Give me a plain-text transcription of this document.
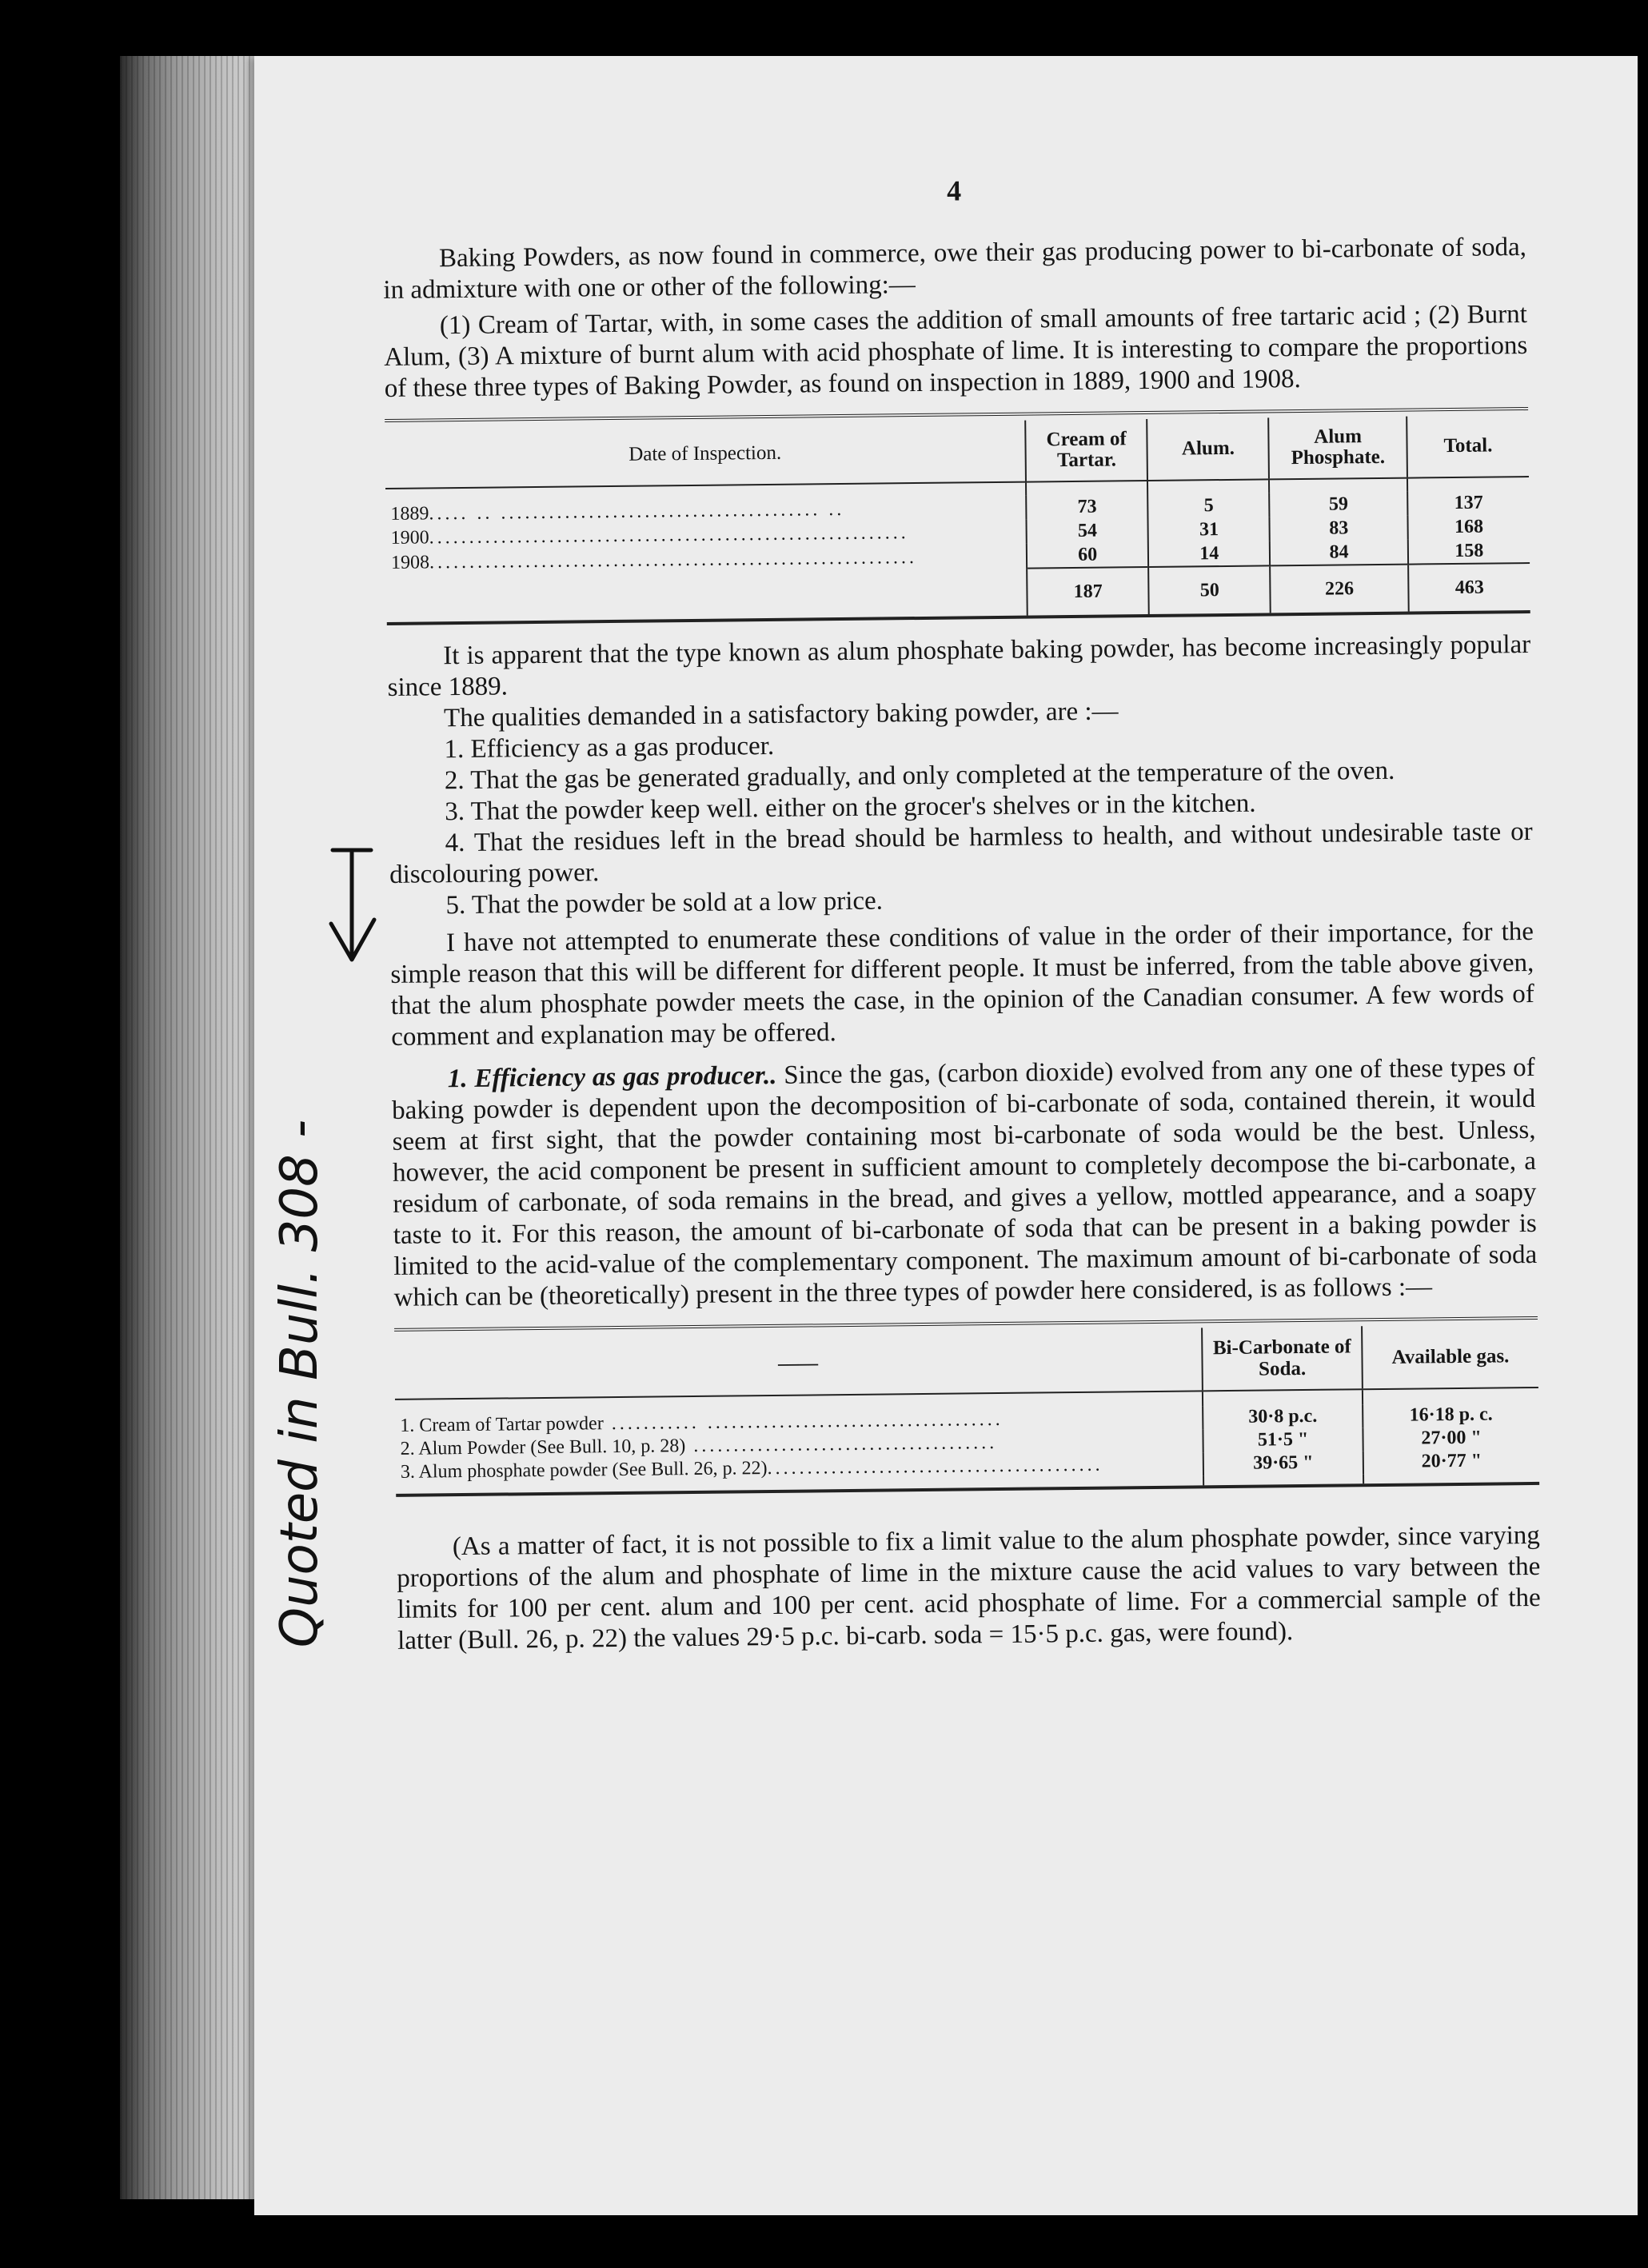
Quoted in Bull. 308 -
4

Baking Powders, as now found in commerce, owe their gas producing power to bi-carbonate of soda, in admixture with one or other of the following:—

(1) Cream of Tartar, with, in some cases the addition of small amounts of free tartaric acid ; (2) Burnt Alum, (3) A mixture of burnt alum with acid phosphate of lime. It is interesting to compare the proportions of these three types of Baking Powder, as found on inspection in 1889, 1900 and 1908.

Date of Inspection.	Cream of Tartar.	Alum.	Alum Phosphate.	Total.

1889..... .. ........................................ ..	73	5	59	137
1900............................................................	54	31	83	168
1908.............................................................	60	14	84	158
	187	50	226	463

It is apparent that the type known as alum phosphate baking powder, has become increasingly popular since 1889.

The qualities demanded in a satisfactory baking powder, are :—

1. Efficiency as a gas producer.
2. That the gas be generated gradually, and only completed at the temperature of the oven.
3. That the powder keep well. either on the grocer's shelves or in the kitchen.
4. That the residues left in the bread should be harmless to health, and without undesirable taste or discolouring power.
5. That the powder be sold at a low price.

I have not attempted to enumerate these conditions of value in the order of their importance, for the simple reason that this will be different for different people. It must be inferred, from the table above given, that the alum phosphate powder meets the case, in the opinion of the Canadian consumer. A few words of comment and explanation may be offered.

1. Efficiency as gas producer.. Since the gas, (carbon dioxide) evolved from any one of these types of baking powder is dependent upon the decomposition of bi-carbonate of soda, contained therein, it would seem at first sight, that the powder containing most bi-carbonate of soda would be the best. Unless, however, the acid component be present in sufficient amount to completely decompose the bi-carbonate, a residum of carbonate, of soda remains in the bread, and gives a yellow, mottled appearance, and a soapy taste to it. For this reason, the amount of bi-carbonate of soda that can be present in a baking powder is limited to the acid-value of the complementary component. The maximum amount of bi-carbonate of soda which can be (theoretically) present in the three types of powder here considered, is as follows :—

——	Bi-Carbonate of Soda.	Available gas.

1. Cream of Tartar powder ........... .....................................	30·8 p.c.	16·18 p. c.
2. Alum Powder (See Bull. 10, p. 28) ......................................	51·5 "	27·00 "
3. Alum phosphate powder (See Bull. 26, p. 22)..........................................	39·65 "	20·77 "

(As a matter of fact, it is not possible to fix a limit value to the alum phosphate powder, since varying proportions of the alum and phosphate of lime in the mixture cause the acid values to vary between the limits for 100 per cent. alum and 100 per cent. acid phosphate of lime. For a commercial sample of the latter (Bull. 26, p. 22) the values 29·5 p.c. bi-carb. soda = 15·5 p.c. gas, were found).
